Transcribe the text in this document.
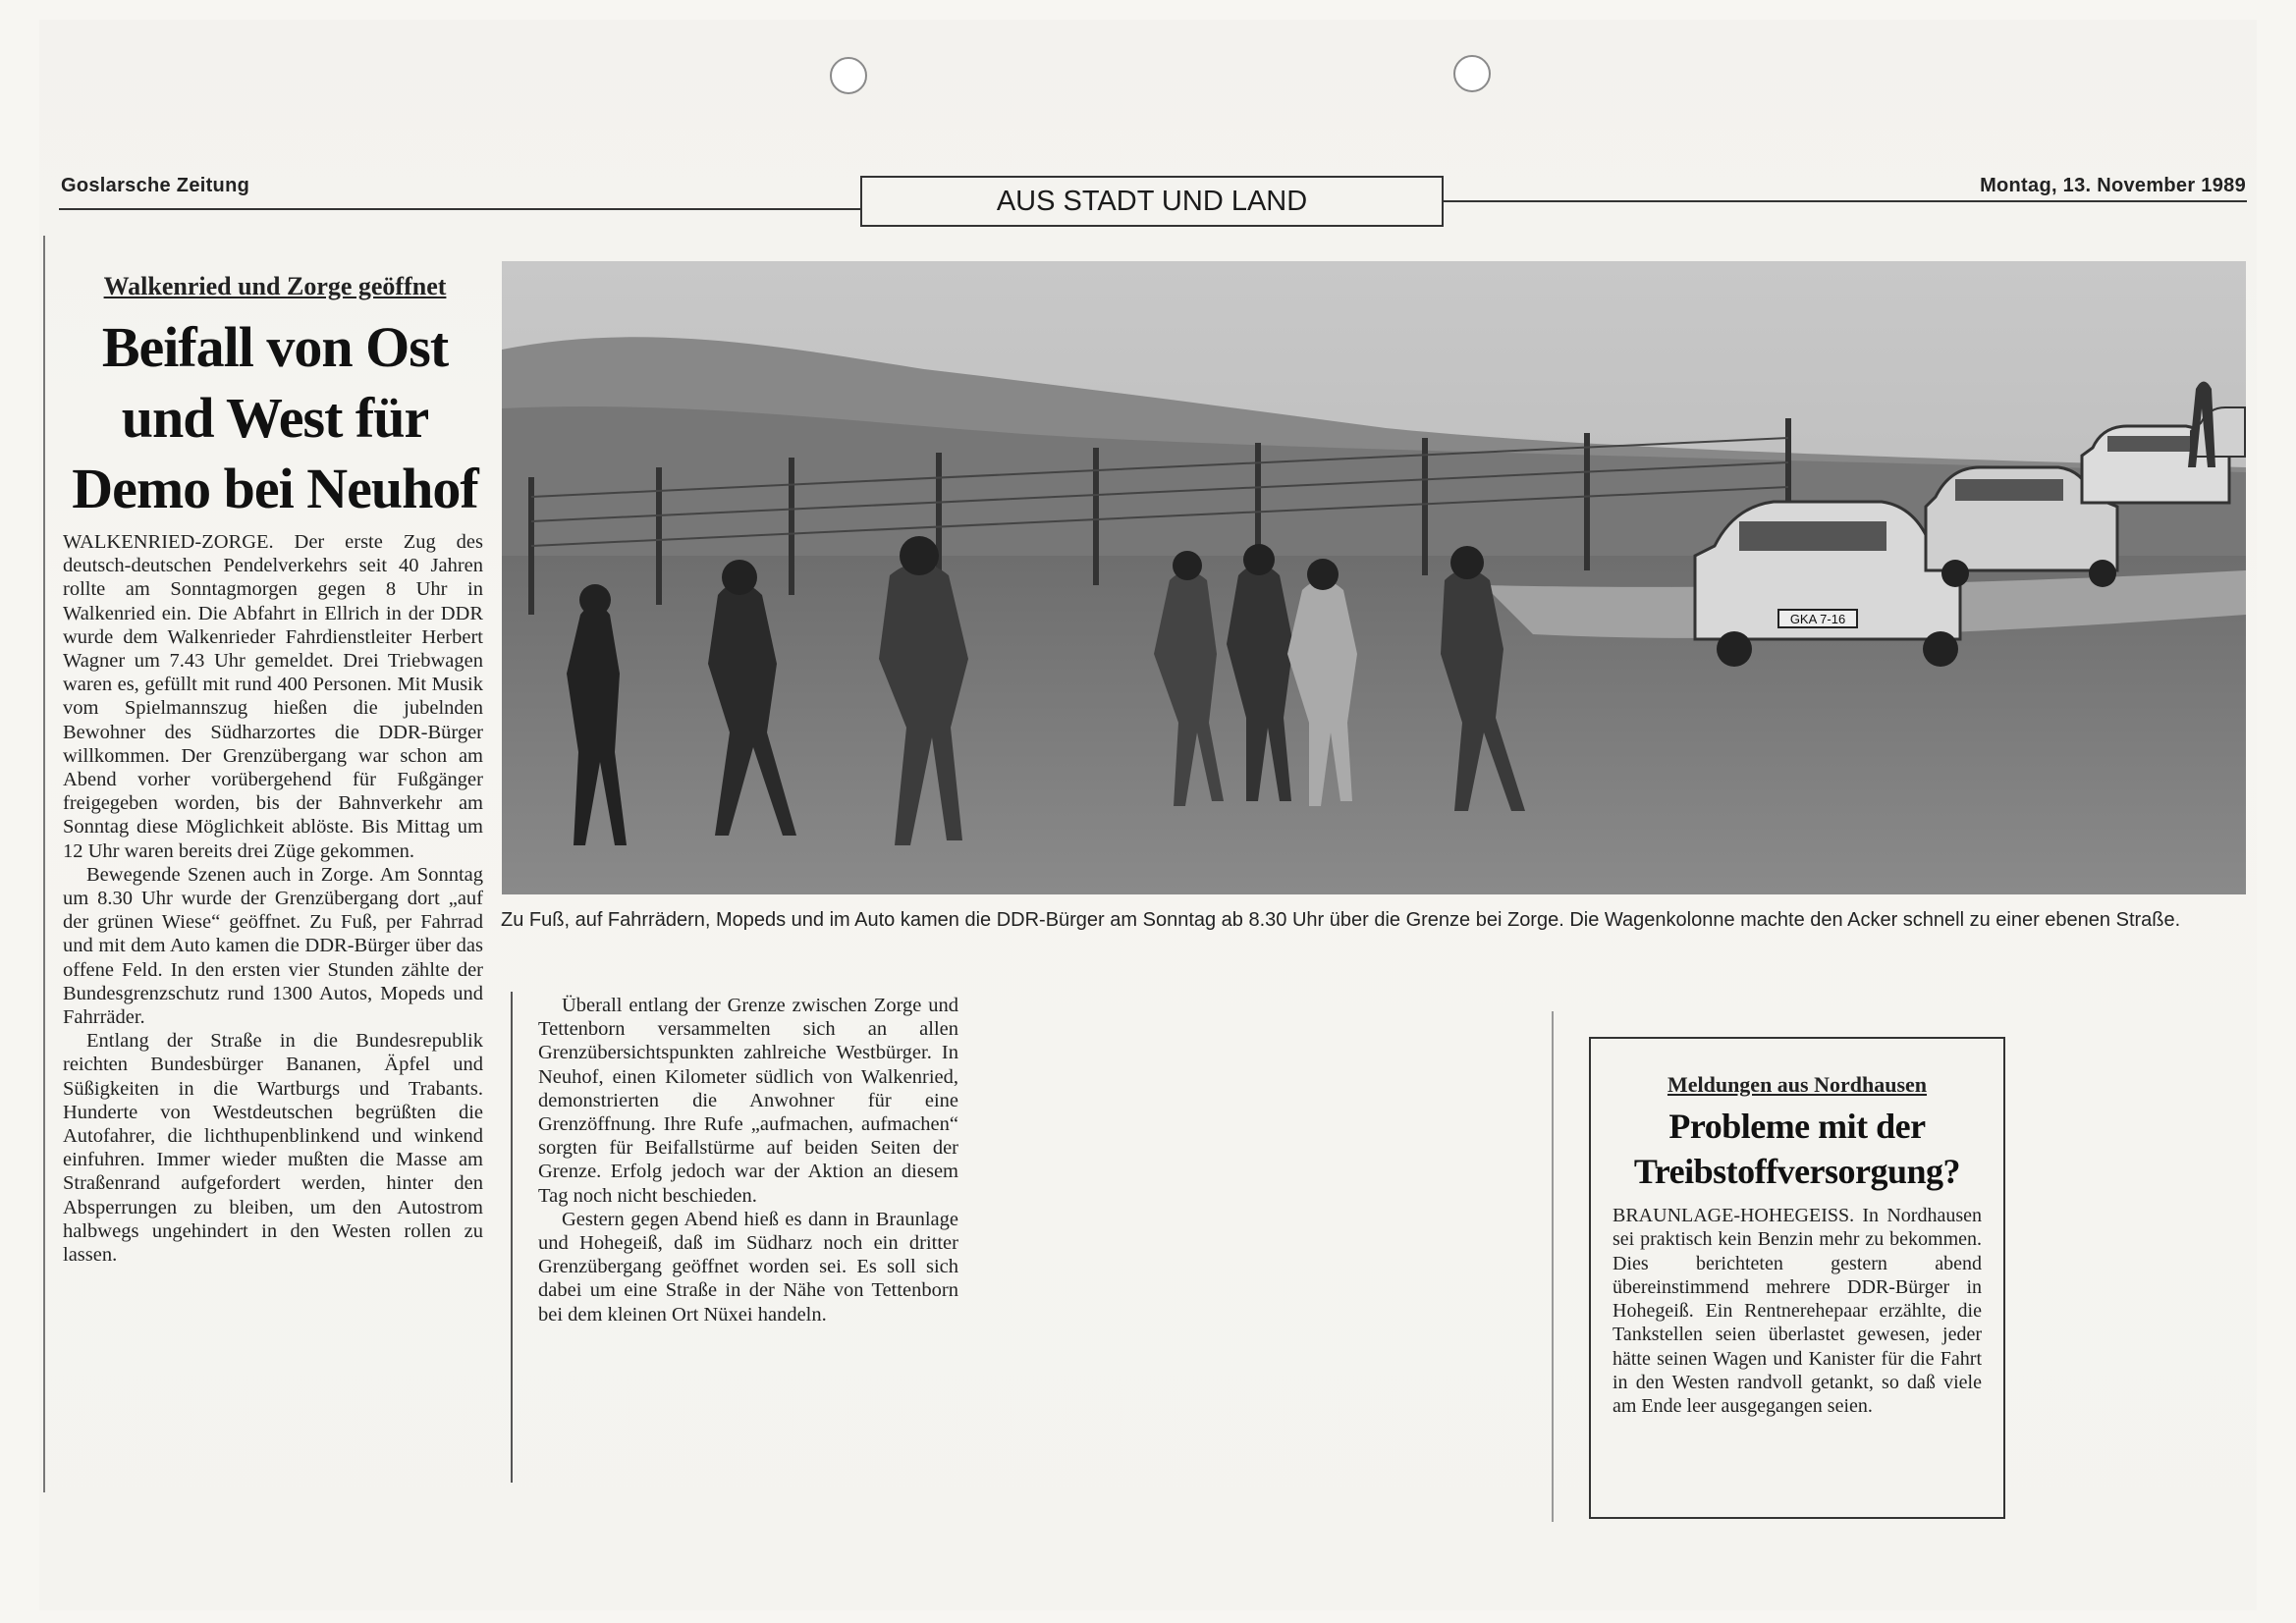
Goslarsche Zeitung	Montag, 13. November 1989
AUS STADT UND LAND
Walkenried und Zorge geöffnet
Beifall von Ost
und West für
Demo bei Neuhof

WALKENRIED-ZORGE. Der erste Zug des deutsch-deutschen Pendelverkehrs seit 40 Jahren rollte am Sonntagmorgen gegen 8 Uhr in Walkenried ein. Die Abfahrt in Ellrich in der DDR wurde dem Walkenrieder Fahrdienstleiter Herbert Wagner um 7.43 Uhr gemeldet. Drei Triebwagen waren es, gefüllt mit rund 400 Personen. Mit Musik vom Spielmannszug hießen die jubelnden Bewohner des Südharzortes die DDR-Bürger willkommen. Der Grenzübergang war schon am Abend vorher vorübergehend für Fußgänger freigegeben worden, bis der Bahnverkehr am Sonntag diese Möglichkeit ablöste. Bis Mittag um 12 Uhr waren bereits drei Züge gekommen.

Bewegende Szenen auch in Zorge. Am Sonntag um 8.30 Uhr wurde der Grenzübergang dort „auf der grünen Wiese“ geöffnet. Zu Fuß, per Fahrrad und mit dem Auto kamen die DDR-Bürger über das offene Feld. In den ersten vier Stunden zählte der Bundesgrenzschutz rund 1300 Autos, Mopeds und Fahrräder.

Entlang der Straße in die Bundesrepublik reichten Bundesbürger Bananen, Äpfel und Süßigkeiten in die Wartburgs und Trabants. Hunderte von Westdeutschen begrüßten die Autofahrer, die lichthupenblinkend und winkend einfuhren. Immer wieder mußten die Masse am Straßenrand aufgefordert werden, hinter den Absperrungen zu bleiben, um den Autostrom halbwegs ungehindert in den Westen rollen zu lassen.

GKA 7-16
Zu Fuß, auf Fahrrädern, Mopeds und im Auto kamen die DDR-Bürger am Sonntag ab 8.30 Uhr über die Grenze bei Zorge. Die Wagenkolonne machte den Acker schnell zu einer ebenen Straße.

Überall entlang der Grenze zwischen Zorge und Tettenborn versammelten sich an allen Grenzübersichtspunkten zahlreiche Westbürger. In Neuhof, einen Kilometer südlich von Walkenried, demonstrierten die Anwohner für eine Grenzöffnung. Ihre Rufe „aufmachen, aufmachen“ sorgten für Beifallstürme auf beiden Seiten der Grenze. Erfolg jedoch war der Aktion an diesem Tag noch nicht beschieden.

Gestern gegen Abend hieß es dann in Braunlage und Hohegeiß, daß im Südharz noch ein dritter Grenzübergang geöffnet worden sei. Es soll sich dabei um eine Straße in der Nähe von Tettenborn bei dem kleinen Ort Nüxei handeln.

Meldungen aus Nordhausen
Probleme mit der
Treibstoffversorgung?

BRAUNLAGE-HOHEGEISS. In Nordhausen sei praktisch kein Benzin mehr zu bekommen. Dies berichteten gestern abend übereinstimmend mehrere DDR-Bürger in Hohegeiß. Ein Rentnerehepaar erzählte, die Tankstellen seien überlastet gewesen, jeder hätte seinen Wagen und Kanister für die Fahrt in den Westen randvoll getankt, so daß viele am Ende leer ausgegangen seien.
